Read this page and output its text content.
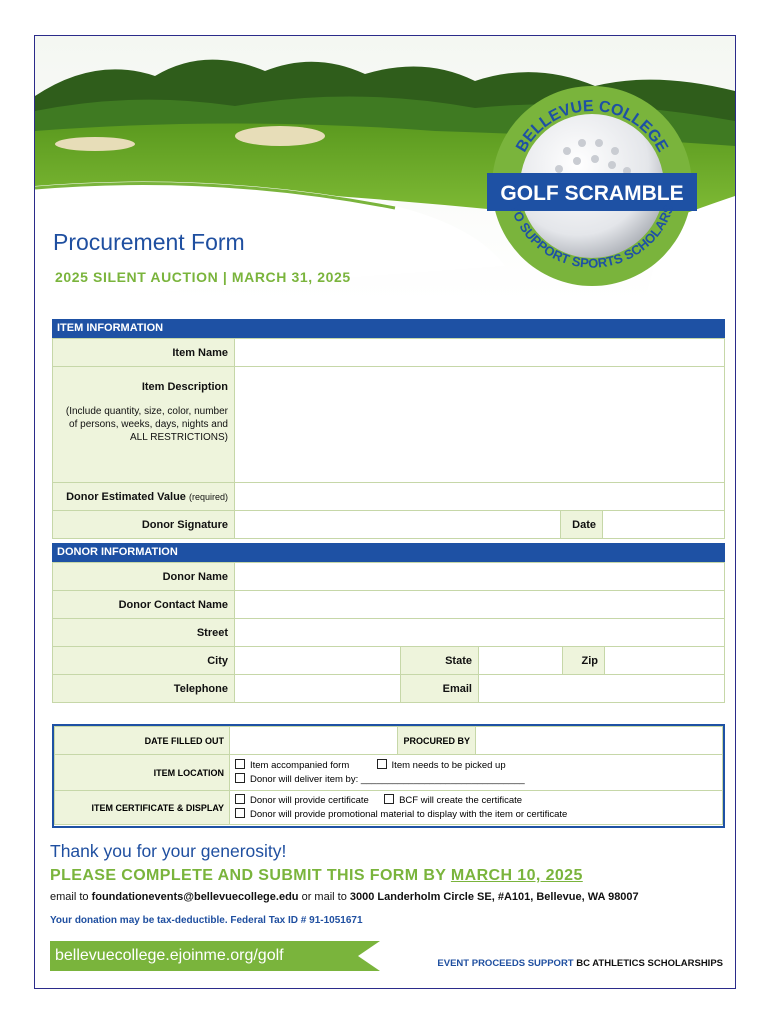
Procurement Form
2025 SILENT AUCTION | MARCH 31, 2025
BELLEVUE COLLEGE
GOLF SCRAMBLE
TO SUPPORT SPORTS SCHOLARS
ITEM INFORMATION
Item Name			
Item Description
(Include quantity, size, color, number of persons, weeks, days, nights and ALL RESTRICTIONS)			

Donor Estimated Value (required)			
Donor Signature		Date	
DONOR INFORMATION
Donor Name					
Donor Contact Name					
Street					
City		State		Zip	
Telephone		Email			
DATE FILLED OUT		PROCURED BY	
ITEM LOCATION	Item accompanied form Item needs to be picked up
Donor will deliver item by: _______________________________		

ITEM CERTIFICATE & DISPLAY	Donor will provide certificate BCF will create the certificate
Donor will provide promotional material to display with the item or certificate		
Thank you for your generosity!
PLEASE COMPLETE AND SUBMIT THIS FORM BY MARCH 10, 2025
email to foundationevents@bellevuecollege.edu or mail to 3000 Landerholm Circle SE, #A101, Bellevue, WA 98007
Your donation may be tax-deductible. Federal Tax ID # 91-1051671
bellevuecollege.ejoinme.org/golf	EVENT PROCEEDS SUPPORT BC ATHLETICS SCHOLARSHIPS
